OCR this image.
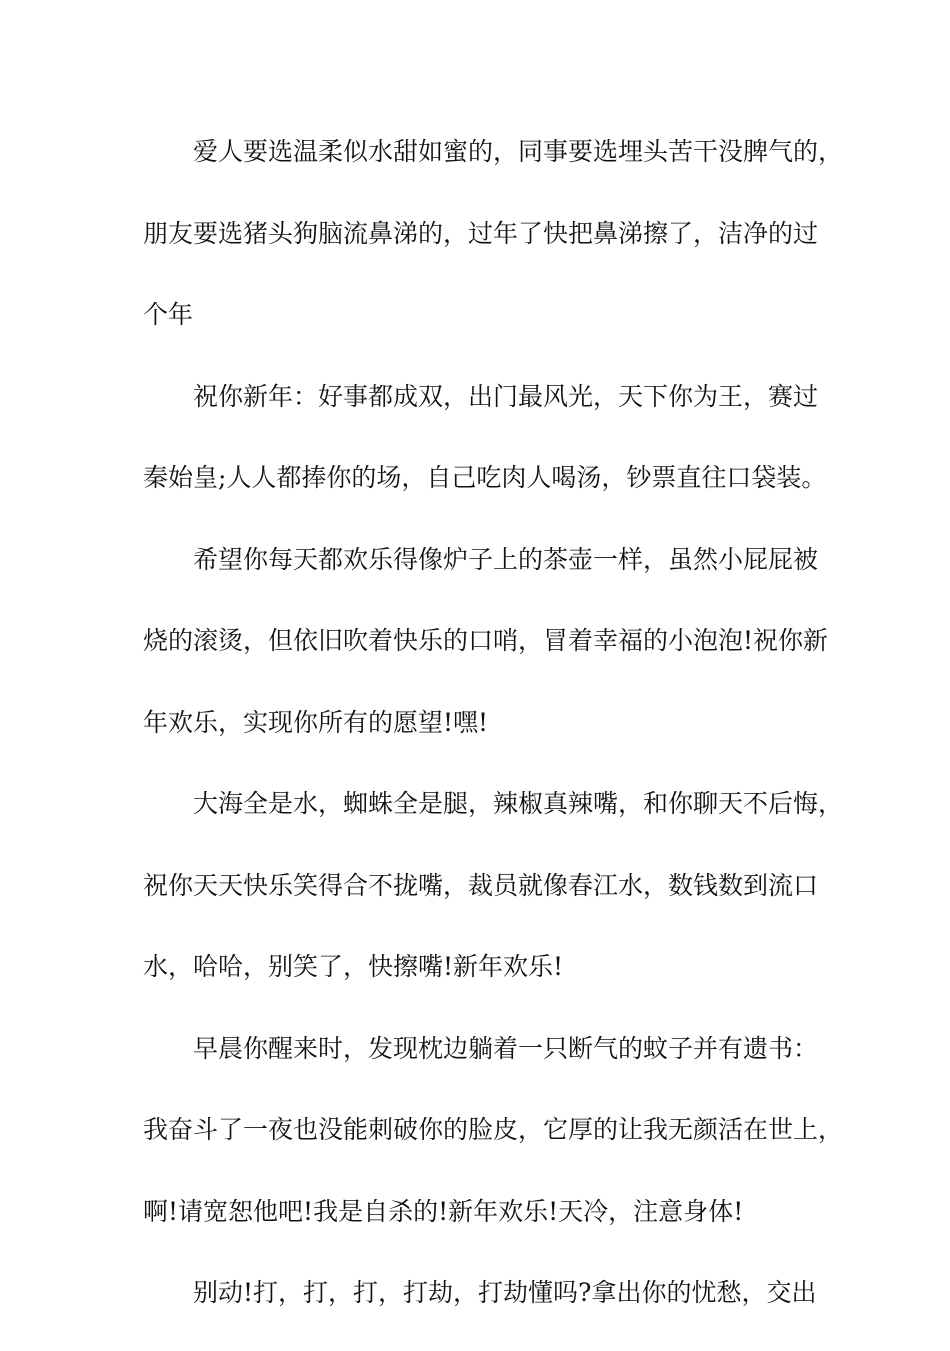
爱人要选温柔似水甜如蜜的，同事要选埋头苦干没脾气的，
朋友要选猪头狗脑流鼻涕的，过年了快把鼻涕擦了，洁净的过
个年
祝你新年：好事都成双，出门最风光，天下你为王，赛过
秦始皇;人人都捧你的场，自己吃肉人喝汤，钞票直往口袋装。
希望你每天都欢乐得像炉子上的茶壶一样，虽然小屁屁被
烧的滚烫，但依旧吹着快乐的口哨，冒着幸福的小泡泡!祝你新
年欢乐，实现你所有的愿望!嘿!
大海全是水，蜘蛛全是腿，辣椒真辣嘴，和你聊天不后悔，
祝你天天快乐笑得合不拢嘴，裁员就像春江水，数钱数到流口
水，哈哈，别笑了，快擦嘴!新年欢乐!
早晨你醒来时，发现枕边躺着一只断气的蚊子并有遗书：
我奋斗了一夜也没能刺破你的脸皮，它厚的让我无颜活在世上，
啊!请宽恕他吧!我是自杀的!新年欢乐!天冷，注意身体!
别动!打，打，打，打劫，打劫懂吗?拿出你的忧愁，交出
